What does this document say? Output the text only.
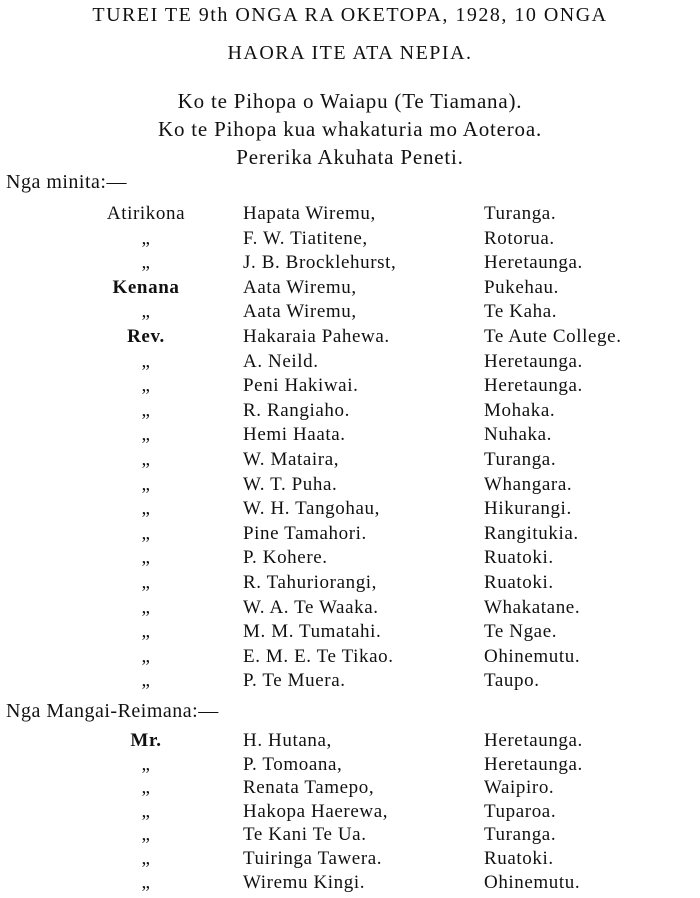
TUREI TE 9th ONGA RA OKETOPA, 1928, 10 ONGA
HAORA ITE ATA NEPIA.
Ko te Pihopa o Waiapu (Te Tiamana).
Ko te Pihopa kua whakaturia mo Aoteroa.
Pererika Akuhata Peneti.
Nga minita:—
Atirikona	Hapata Wiremu,	Turanga.
„	F. W. Tiatitene,	Rotorua.
„	J. B. Brocklehurst,	Heretaunga.
Kenana	Aata Wiremu,	Pukehau.
„	Aata Wiremu,	Te Kaha.
Rev.	Hakaraia Pahewa.	Te Aute College.
„	A. Neild.	Heretaunga.
„	Peni Hakiwai.	Heretaunga.
„	R. Rangiaho.	Mohaka.
„	Hemi Haata.	Nuhaka.
„	W. Mataira,	Turanga.
„	W. T. Puha.	Whangara.
„	W. H. Tangohau,	Hikurangi.
„	Pine Tamahori.	Rangitukia.
„	P. Kohere.	Ruatoki.
„	R. Tahuriorangi,	Ruatoki.
„	W. A. Te Waaka.	Whakatane.
„	M. M. Tumatahi.	Te Ngae.
„	E. M. E. Te Tikao.	Ohinemutu.
„	P. Te Muera.	Taupo.
Nga Mangai-Reimana:—
Mr.	H. Hutana,	Heretaunga.
„	P. Tomoana,	Heretaunga.
„	Renata Tamepo,	Waipiro.
„	Hakopa Haerewa,	Tuparoa.
„	Te Kani Te Ua.	Turanga.
„	Tuiringa Tawera.	Ruatoki.
„	Wiremu Kingi.	Ohinemutu.
